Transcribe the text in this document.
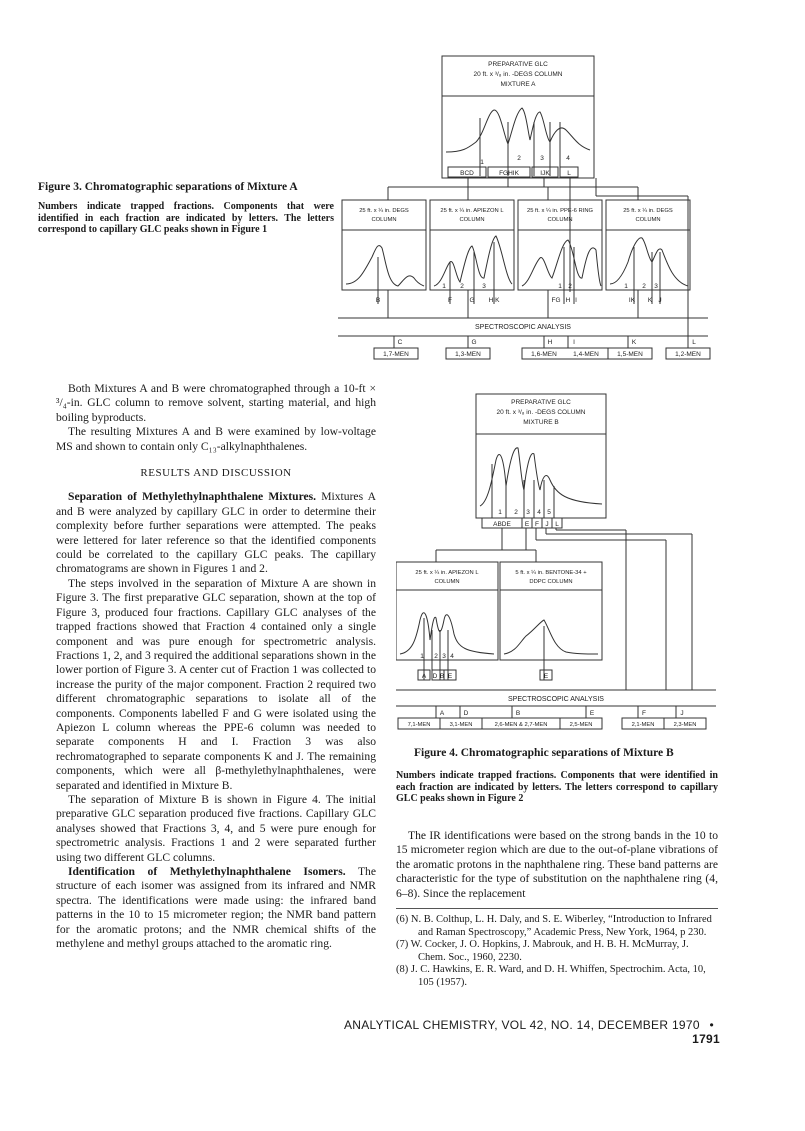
Figure 3. Chromatographic separations of Mixture A
Numbers indicate trapped fractions. Components that were identified in each fraction are indicated by letters. The letters correspond to capillary GLC peaks shown in Figure 1
PREPARATIVE GLC
20 ft. x ³/₈ in. -DEGS COLUMN
MIXTURE A
1
2	3	4
BCD	FGHIK	IJK	L
25 ft. x ¼ in. DEGS
COLUMN
25 ft. x ¼ in. APIEZON L
COLUMN
25 ft. x ¼ in. PPE-6 RING
COLUMN
25 ft. x ¼ in. DEGS
COLUMN
1 2	3	1 2	1 2 3
B	F	G HIK	FG H I	IK K J
SPECTROSCOPIC ANALYSIS
C	G	H	I	K	L
1,7-MEN	1,3-MEN	1,6-MEN	1,4-MEN	1,5-MEN	1,2-MEN
PREPARATIVE GLC
20 ft. x ³/₈ in. -DEGS COLUMN
MIXTURE B
1 2 3 4 5
ABDE E F J L
25 ft. x ¼ in. APIEZON L
COLUMN
5 ft. x ¼ in. BENTONE-34 +
DDPC COLUMN
1 2 3 4
A D B E	E
SPECTROSCOPIC ANALYSIS
A	D	B	E	F	J
7,1-MEN	3,1-MEN	2,6-MEN & 2,7-MEN	2,5-MEN	2,1-MEN	2,3-MEN
Figure 4. Chromatographic separations of Mixture B
Numbers indicate trapped fractions. Components that were identified in each fraction are indicated by letters. The letters correspond to capillary GLC peaks shown in Figure 2

Both Mixtures A and B were chromatographed through a 10-ft × ³/₄-in. GLC column to remove solvent, starting material, and high boiling byproducts.

The resulting Mixtures A and B were examined by low-voltage MS and shown to contain only C₁₃-alkylnaphthalenes.

RESULTS AND DISCUSSION

Separation of Methylethylnaphthalene Mixtures. Mixtures A and B were analyzed by capillary GLC in order to determine their complexity before further separations were attempted. The peaks were lettered for later reference so that the identified components could be correlated to the capillary GLC peaks. The capillary chromatograms are shown in Figures 1 and 2.

The steps involved in the separation of Mixture A are shown in Figure 3. The first preparative GLC separation, shown at the top of Figure 3, produced four fractions. Capillary GLC analyses of the trapped fractions showed that Fraction 4 contained only a single component and was pure enough for spectrometric analysis. Fractions 1, 2, and 3 required the additional separations shown in the lower portion of Figure 3. A center cut of Fraction 1 was collected to increase the purity of the major component. Fraction 2 required two different chromatographic separations to isolate all of the components. Components labelled F and G were isolated using the Apiezon L column whereas the PPE-6 column was needed to separate components H and I. Fraction 3 was also rechromatographed to separate components K and J. The remaining components, which were all β-methylethylnaphthalenes, were separated and identified in Mixture B.

The separation of Mixture B is shown in Figure 4. The initial preparative GLC separation produced five fractions. Capillary GLC analyses showed that Fractions 3, 4, and 5 were pure enough for spectrometric analysis. Fractions 1 and 2 were separated further using two different GLC columns.

Identification of Methylethylnaphthalene Isomers. The structure of each isomer was assigned from its infrared and NMR spectra. The identifications were made using: the infrared band patterns in the 10 to 15 micrometer region; the NMR band pattern for the aromatic protons; and the NMR chemical shifts of the methylene and methyl groups attached to the aromatic ring.

The IR identifications were based on the strong bands in the 10 to 15 micrometer region which are due to the out-of-plane vibrations of the aromatic protons in the naphthalene ring. These band patterns are characteristic for the type of substitution on the naphthalene ring (4, 6–8). Since the replacement

(6) N. B. Colthup, L. H. Daly, and S. E. Wiberley, “Introduction to Infrared and Raman Spectroscopy,” Academic Press, New York, 1964, p 230.
(7) W. Cocker, J. O. Hopkins, J. Mabrouk, and H. B. H. McMurray, J. Chem. Soc., 1960, 2230.
(8) J. C. Hawkins, E. R. Ward, and D. H. Whiffen, Spectrochim. Acta, 10, 105 (1957).
ANALYTICAL CHEMISTRY, VOL 42, NO. 14, DECEMBER 1970 • 1791
